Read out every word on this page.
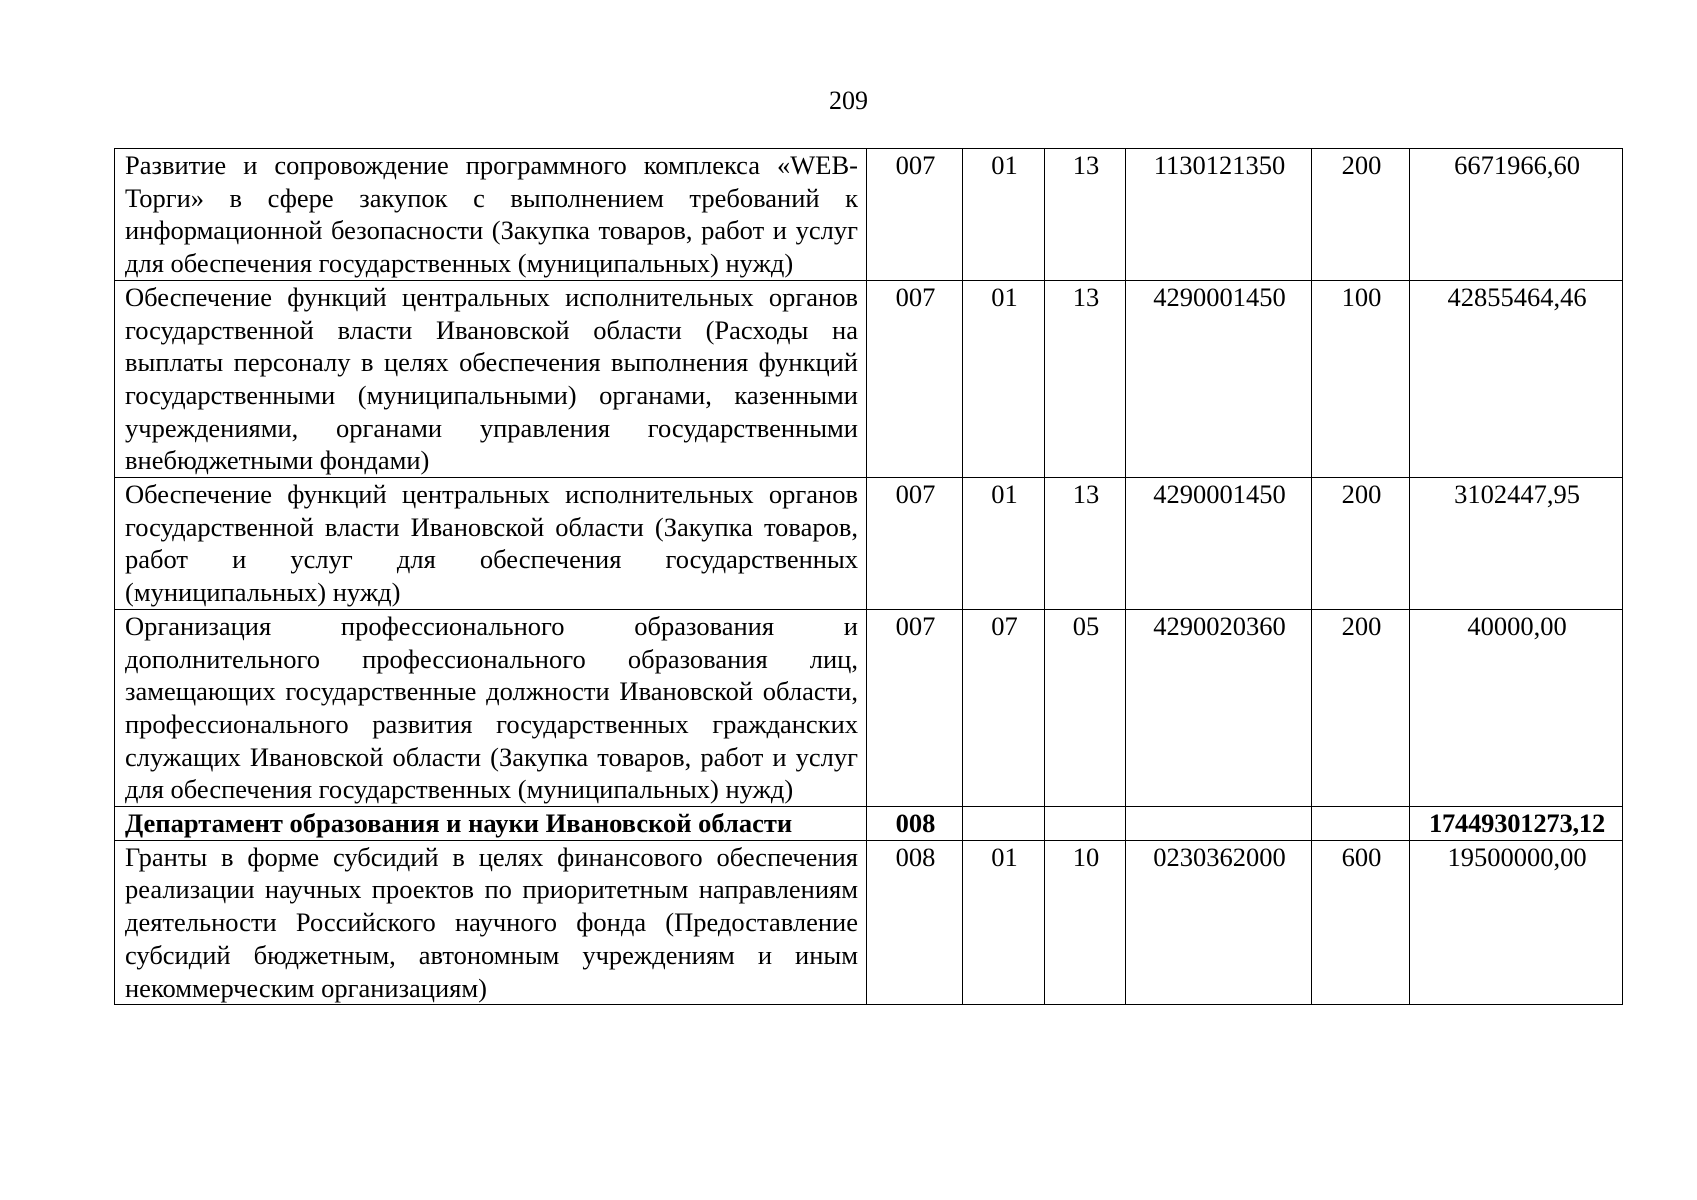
209
Развитие и сопровождение программного комплекса «WEB-Торги» в сфере закупок с выполнением требований к информационной безопасности (Закупка товаров, работ и услуг для обеспечения государственных (муниципальных) нужд)	007	01	13	1130121350	200	6671966,60
Обеспечение функций центральных исполнительных органов государственной власти Ивановской области (Расходы на выплаты персоналу в целях обеспечения выполнения функций государственными (муниципальными) органами, казенными учреждениями, органами управления государственными внебюджетными фондами)	007	01	13	4290001450	100	42855464,46
Обеспечение функций центральных исполнительных органов государственной власти Ивановской области (Закупка товаров, работ и услуг для обеспечения государственных (муниципальных) нужд)	007	01	13	4290001450	200	3102447,95
Организация профессионального образования и дополнительного профессионального образования лиц, замещающих государственные должности Ивановской области, профессионального развития государственных гражданских служащих Ивановской области (Закупка товаров, работ и услуг для обеспечения государственных (муниципальных) нужд)	007	07	05	4290020360	200	40000,00
Департамент образования и науки Ивановской области	008					17449301273,12
Гранты в форме субсидий в целях финансового обеспечения реализации научных проектов по приоритетным направлениям деятельности Российского научного фонда (Предоставление субсидий бюджетным, автономным учреждениям и иным некоммерческим организациям)	008	01	10	0230362000	600	19500000,00
